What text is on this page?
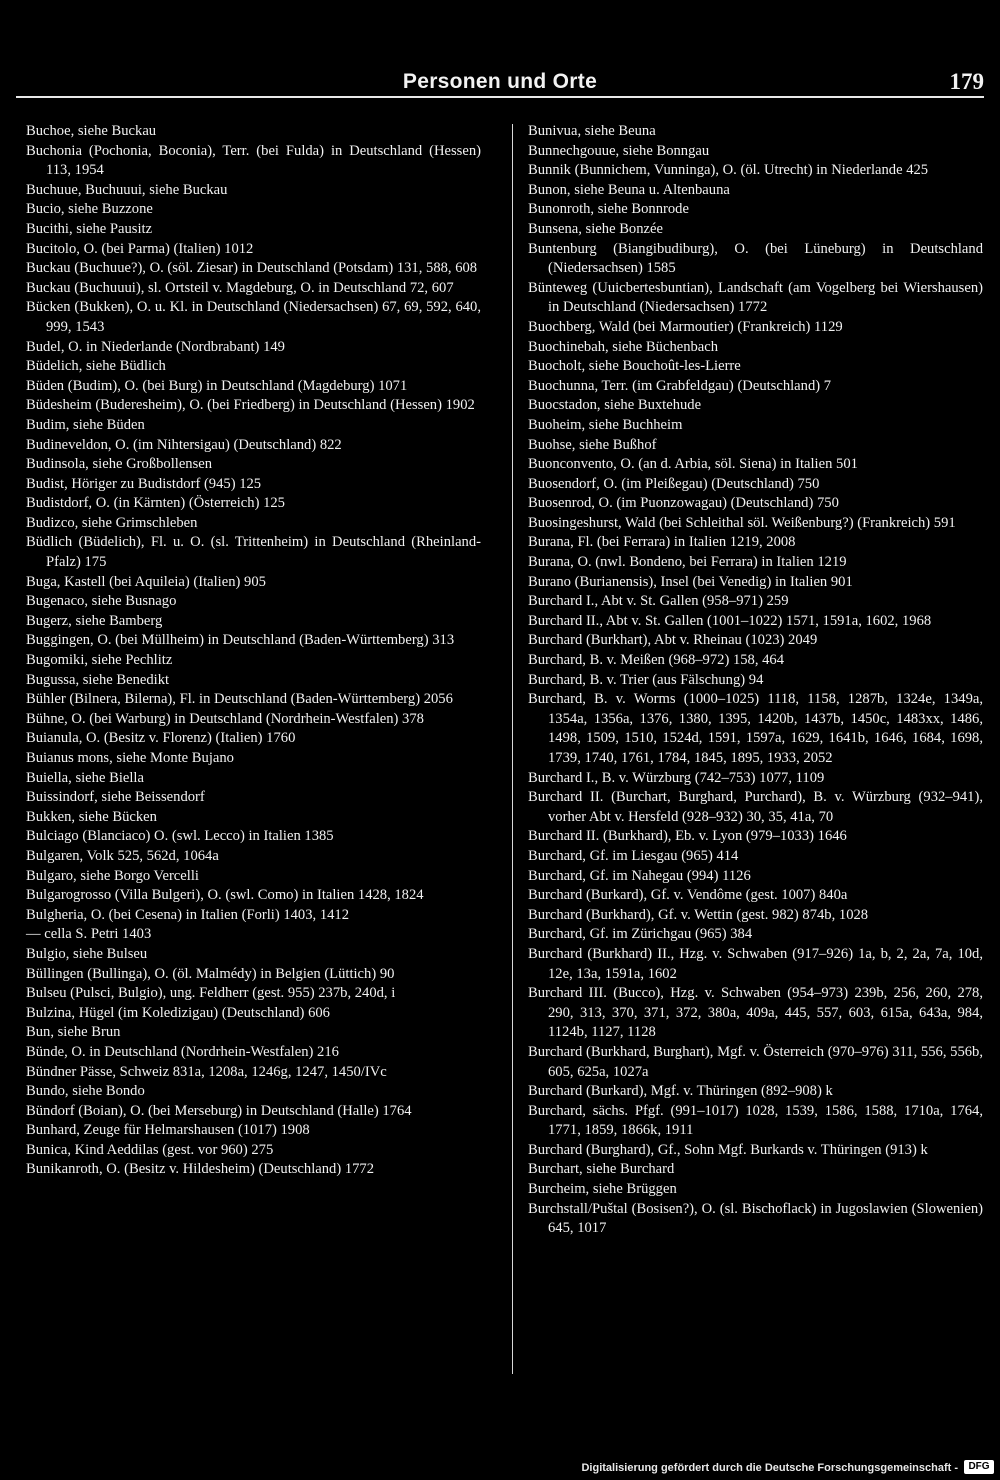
Personen und Orte	179
Buchoe, siehe Buckau
Buchonia (Pochonia, Boconia), Terr. (bei Fulda) in Deutschland (Hessen) 113, 1954
Buchuue, Buchuuui, siehe Buckau
Bucio, siehe Buzzone
Bucithi, siehe Pausitz
Bucitolo, O. (bei Parma) (Italien) 1012
Buckau (Buchuue?), O. (söl. Ziesar) in Deutschland (Potsdam) 131, 588, 608
Buckau (Buchuuui), sl. Ortsteil v. Magdeburg, O. in Deutschland 72, 607
Bücken (Bukken), O. u. Kl. in Deutschland (Niedersachsen) 67, 69, 592, 640, 999, 1543
Budel, O. in Niederlande (Nordbrabant) 149
Büdelich, siehe Büdlich
Büden (Budim), O. (bei Burg) in Deutschland (Magdeburg) 1071
Büdesheim (Buderesheim), O. (bei Friedberg) in Deutschland (Hessen) 1902
Budim, siehe Büden
Budineveldon, O. (im Nihtersigau) (Deutschland) 822
Budinsola, siehe Großbollensen
Budist, Höriger zu Budistdorf (945) 125
Budistdorf, O. (in Kärnten) (Österreich) 125
Budizco, siehe Grimschleben
Büdlich (Büdelich), Fl. u. O. (sl. Trittenheim) in Deutschland (Rheinland-Pfalz) 175
Buga, Kastell (bei Aquileia) (Italien) 905
Bugenaco, siehe Busnago
Bugerz, siehe Bamberg
Buggingen, O. (bei Müllheim) in Deutschland (Baden-Württemberg) 313
Bugomiki, siehe Pechlitz
Bugussa, siehe Benedikt
Bühler (Bilnera, Bilerna), Fl. in Deutschland (Baden-Württemberg) 2056
Bühne, O. (bei Warburg) in Deutschland (Nordrhein-Westfalen) 378
Buianula, O. (Besitz v. Florenz) (Italien) 1760
Buianus mons, siehe Monte Bujano
Buiella, siehe Biella
Buissindorf, siehe Beissendorf
Bukken, siehe Bücken
Bulciago (Blanciaco) O. (swl. Lecco) in Italien 1385
Bulgaren, Volk 525, 562d, 1064a
Bulgaro, siehe Borgo Vercelli
Bulgarogrosso (Villa Bulgeri), O. (swl. Como) in Italien 1428, 1824
Bulgheria, O. (bei Cesena) in Italien (Forli) 1403, 1412
— cella S. Petri 1403
Bulgio, siehe Bulseu
Büllingen (Bullinga), O. (öl. Malmédy) in Belgien (Lüttich) 90
Bulseu (Pulsci, Bulgio), ung. Feldherr (gest. 955) 237b, 240d, i
Bulzina, Hügel (im Koledizigau) (Deutschland) 606
Bun, siehe Brun
Bünde, O. in Deutschland (Nordrhein-Westfalen) 216
Bündner Pässe, Schweiz 831a, 1208a, 1246g, 1247, 1450/IVc
Bundo, siehe Bondo
Bündorf (Boian), O. (bei Merseburg) in Deutschland (Halle) 1764
Bunhard, Zeuge für Helmarshausen (1017) 1908
Bunica, Kind Aeddilas (gest. vor 960) 275
Bunikanroth, O. (Besitz v. Hildesheim) (Deutschland) 1772
Bunivua, siehe Beuna
Bunnechgouue, siehe Bonngau
Bunnik (Bunnichem, Vunninga), O. (öl. Utrecht) in Niederlande 425
Bunon, siehe Beuna u. Altenbauna
Bunonroth, siehe Bonnrode
Bunsena, siehe Bonzée
Buntenburg (Biangibudiburg), O. (bei Lüneburg) in Deutschland (Niedersachsen) 1585
Bünteweg (Uuicbertesbuntian), Landschaft (am Vogelberg bei Wiershausen) in Deutschland (Niedersachsen) 1772
Buochberg, Wald (bei Marmoutier) (Frankreich) 1129
Buochinebah, siehe Büchenbach
Buocholt, siehe Bouchoût-les-Lierre
Buochunna, Terr. (im Grabfeldgau) (Deutschland) 7
Buocstadon, siehe Buxtehude
Buoheim, siehe Buchheim
Buohse, siehe Bußhof
Buonconvento, O. (an d. Arbia, söl. Siena) in Italien 501
Buosendorf, O. (im Pleißegau) (Deutschland) 750
Buosenrod, O. (im Puonzowagau) (Deutschland) 750
Buosingeshurst, Wald (bei Schleithal söl. Weißenburg?) (Frankreich) 591
Burana, Fl. (bei Ferrara) in Italien 1219, 2008
Burana, O. (nwl. Bondeno, bei Ferrara) in Italien 1219
Burano (Burianensis), Insel (bei Venedig) in Italien 901
Burchard I., Abt v. St. Gallen (958–971) 259
Burchard II., Abt v. St. Gallen (1001–1022) 1571, 1591a, 1602, 1968
Burchard (Burkhart), Abt v. Rheinau (1023) 2049
Burchard, B. v. Meißen (968–972) 158, 464
Burchard, B. v. Trier (aus Fälschung) 94
Burchard, B. v. Worms (1000–1025) 1118, 1158, 1287b, 1324e, 1349a, 1354a, 1356a, 1376, 1380, 1395, 1420b, 1437b, 1450c, 1483xx, 1486, 1498, 1509, 1510, 1524d, 1591, 1597a, 1629, 1641b, 1646, 1684, 1698, 1739, 1740, 1761, 1784, 1845, 1895, 1933, 2052
Burchard I., B. v. Würzburg (742–753) 1077, 1109
Burchard II. (Burchart, Burghard, Purchard), B. v. Würzburg (932–941), vorher Abt v. Hersfeld (928–932) 30, 35, 41a, 70
Burchard II. (Burkhard), Eb. v. Lyon (979–1033) 1646
Burchard, Gf. im Liesgau (965) 414
Burchard, Gf. im Nahegau (994) 1126
Burchard (Burkard), Gf. v. Vendôme (gest. 1007) 840a
Burchard (Burkhard), Gf. v. Wettin (gest. 982) 874b, 1028
Burchard, Gf. im Zürichgau (965) 384
Burchard (Burkhard) II., Hzg. v. Schwaben (917–926) 1a, b, 2, 2a, 7a, 10d, 12e, 13a, 1591a, 1602
Burchard III. (Bucco), Hzg. v. Schwaben (954–973) 239b, 256, 260, 278, 290, 313, 370, 371, 372, 380a, 409a, 445, 557, 603, 615a, 643a, 984, 1124b, 1127, 1128
Burchard (Burkhard, Burghart), Mgf. v. Österreich (970–976) 311, 556, 556b, 605, 625a, 1027a
Burchard (Burkard), Mgf. v. Thüringen (892–908) k
Burchard, sächs. Pfgf. (991–1017) 1028, 1539, 1586, 1588, 1710a, 1764, 1771, 1859, 1866k, 1911
Burchard (Burghard), Gf., Sohn Mgf. Burkards v. Thüringen (913) k
Burchart, siehe Burchard
Burcheim, siehe Brüggen
Burchstall/Puštal (Bosisen?), O. (sl. Bischoflack) in Jugoslawien (Slowenien) 645, 1017
Digitalisierung gefördert durch die Deutsche Forschungsgemeinschaft -	DFG
